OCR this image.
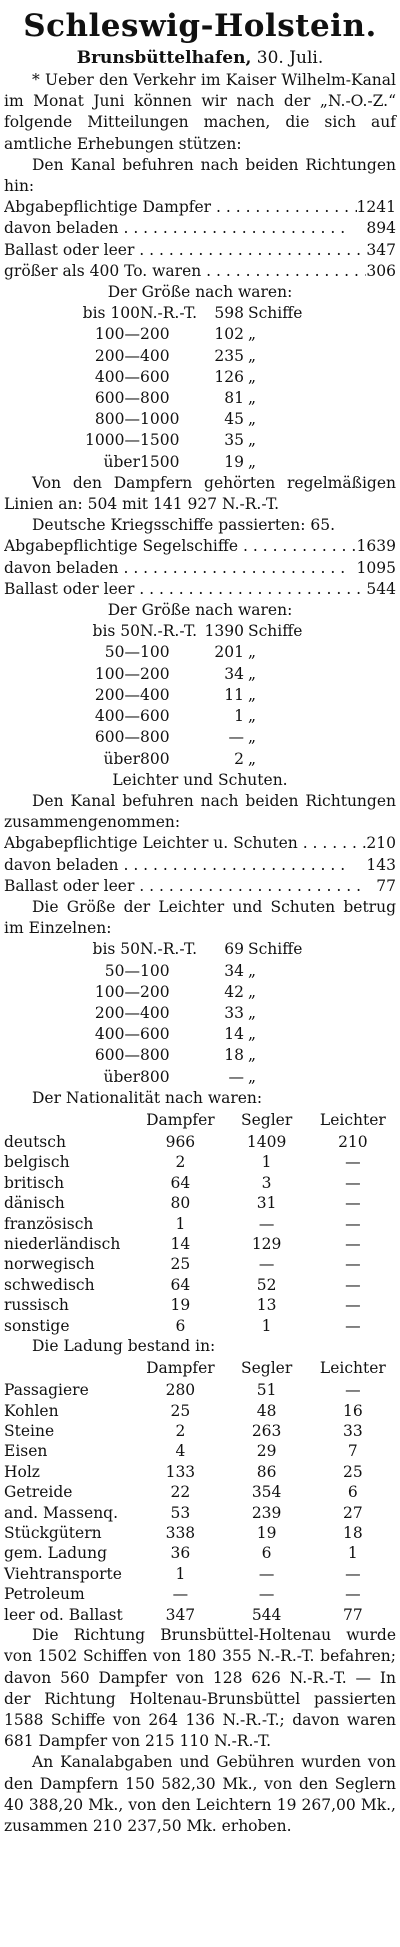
Schleswig-Holstein.
Brunsbüttelhafen, 30. Juli.

* Ueber den Verkehr im Kaiser Wilhelm-Kanal im Monat Juni können wir nach der „N.-O.-Z.“ folgende Mitteilungen machen, die sich auf amtliche Erhebungen stützen:

Den Kanal befuhren nach beiden Richtungen hin:

Abgabepflichtige Dampfer . . .	1241
davon beladen . . .	894
Ballast oder leer . . .	347
größer als 400 To. waren . . .	306
Der Größe nach waren:
bis 100 N.-R.-T.	598 Schiffe
100— 200	102 „
200— 400	235 „
400— 600	126 „
600— 800	81 „
800— 1000	45 „
1000— 1500	35 „
über 1500	19 „

Von den Dampfern gehörten regelmäßigen Linien an: 504 mit 141 927 N.-R.-T.

Deutsche Kriegsschiffe passierten: 65.

Abgabepflichtige Segelschiffe . . .	1639
davon beladen . . .	1095
Ballast oder leer . . .	544
Der Größe nach waren:
bis 50 N.-R.-T. 1390 Schiffe
50— 100	201 „
100— 200	34 „
200— 400	11 „
400— 600	1 „
600— 800	— „
über 800	2 „
Leichter und Schuten.

Den Kanal befuhren nach beiden Richtungen zusammengenommen:

Abgabepflichtige Leichter u. Schuten . . .	210
davon beladen . . .	143
Ballast oder leer . . .	77

Die Größe der Leichter und Schuten betrug im Einzelnen:

bis 50 N.-R.-T.	69 Schiffe
50— 100	34 „
100— 200	42 „
200— 400	33 „
400— 600	14 „
600— 800	18 „
über 800	— „
Der Nationalität nach waren:
	Dampfer	Segler	Leichter
deutsch	966	1409	210
belgisch	2	1	—
britisch	64	3	—
dänisch	80	31	—
französisch	1	—	—
niederländisch	14	129	—
norwegisch	25	—	—
schwedisch	64	52	—
russisch	19	13	—
sonstige	6	1	—
Die Ladung bestand in:
	Dampfer	Segler	Leichter
Passagiere	280	51	—
Kohlen	25	48	16
Steine	2	263	33
Eisen	4	29	7
Holz	133	86	25
Getreide	22	354	6
and. Massenq.	53	239	27
Stückgütern	338	19	18
gem. Ladung	36	6	1
Viehtransporte	1	—	—
Petroleum	—	—	—
leer od. Ballast	347	544	77

Die Richtung Brunsbüttel-Holtenau wurde von 1502 Schiffen von 180 355 N.-R.-T. befahren; davon 560 Dampfer von 128 626 N.-R.-T. — In der Richtung Holtenau-Brunsbüttel passierten 1588 Schiffe von 264 136 N.-R.-T.; davon waren 681 Dampfer von 215 110 N.-R.-T.

An Kanalabgaben und Gebühren wurden von den Dampfern 150 582,30 Mk., von den Seglern 40 388,20 Mk., von den Leichtern 19 267,00 Mk., zusammen 210 237,50 Mk. erhoben.
